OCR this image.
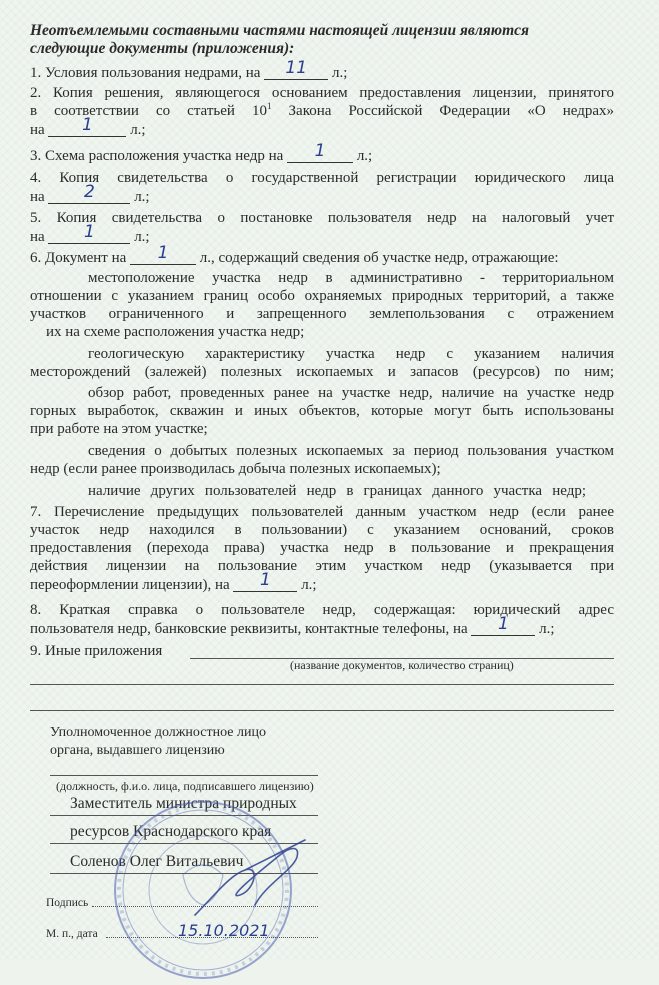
Неотъемлемыми составными частями настоящей лицензии являются
следующие документы (приложения):
1. Условия пользования недрами, на 11 л.;
2. Копия решения, являющегося основанием предоставления лицензии, принятого
в соответствии со статьей $10^1$ Закона Российской Федерации «О недрах»
на 1 л.;
3. Схема расположения участка недр на 1 л.;
4. Копия свидетельства о государственной регистрации юридического лица
на 2	л.;
5. Копия свидетельства о постановке пользователя недр на налоговый учет
на 1	л.;
6. Документ на 1 л., содержащий сведения об участке недр, отражающие:
местоположение участка недр в административно - территориальном
отношении с указанием границ особо охраняемых природных территорий, а также
участков ограниченного и запрещенного землепользования с отражением
их на схеме расположения участка недр;
геологическую характеристику участка недр с указанием наличия
месторождений (залежей) полезных ископаемых и запасов (ресурсов) по ним;
обзор работ, проведенных ранее на участке недр, наличие на участке недр
горных выработок, скважин и иных объектов, которые могут быть использованы
при работе на этом участке;
сведения о добытых полезных ископаемых за период пользования участком
недр (если ранее производилась добыча полезных ископаемых);
наличие других пользователей недр в границах данного участка недр;
7. Перечисление предыдущих пользователей данным участком недр (если ранее
участок недр находился в пользовании) с указанием оснований, сроков
предоставления (перехода права) участка недр в пользование и прекращения
действия лицензии на пользование этим участком недр (указывается при
переоформлении лицензии), на 1 л.;
8. Краткая справка о пользователе недр, содержащая: юридический адрес
пользователя недр, банковские реквизиты, контактные телефоны, на 1 л.;
9. Иные приложения
(название документов, количество страниц)
Уполномоченное должностное лицо
органа, выдавшего лицензию
(должность, ф.и.о. лица, подписавшего лицензию)
Заместитель министра природных
ресурсов Краснодарского края
Соленов Олег Витальевич
Подпись
М. п., дата	15.10.2021
